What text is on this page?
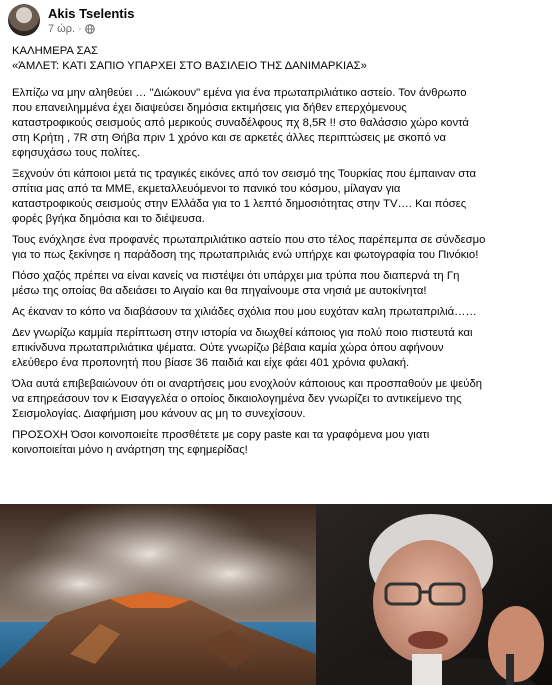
Akis Tselentis
7 ώρ. ·

ΚΑΛΗΜΕΡΑ ΣΑΣ

«ΆΜΛΕΤ: ΚΑΤΙ ΣΑΠΙΟ ΥΠΑΡΧΕΙ ΣΤΟ ΒΑΣΙΛΕΙΟ ΤΗΣ ΔΑΝΙΜΑΡΚΙΑΣ»

Ελπίζω να μην αληθεύει … "Διώκουν" εμένα για ένα πρωταπριλιάτικο αστείο. Τον άνθρωπο
που επανειλημμένα έχει διαψεύσει δημόσια εκτιμήσεις για δήθεν επερχόμενους
καταστροφικούς σεισμούς από μερικούς συναδέλφους πχ 8,5R !! στο θαλάσσιο χώρο κοντά
στη Κρήτη , 7R στη Θήβα πριν 1 χρόνο και σε αρκετές άλλες περιπτώσεις με σκοπό να
εφησυχάσω τους πολίτες.

Ξεχνούν ότι κάποιοι μετά τις τραγικές εικόνες από τον σεισμό της Τουρκίας που έμπαιναν στα
σπίτια μας από τα ΜΜΕ, εκμεταλλευόμενοι το πανικό του κόσμου, μίλαγαν για
καταστροφικούς σεισμούς στην Ελλάδα για το 1 λεπτό δημοσιότητας στην TV…. Και πόσες
φορές βγήκα δημόσια και το διέψευσα.

Τους ενόχλησε ένα προφανές πρωταπριλιάτικο αστείο που στο τέλος παρέπεμπα σε σύνδεσμο
για το πως ξεκίνησε η παράδοση της πρωταπριλιάς ενώ υπήρχε και φωτογραφία του Πινόκιο!

Πόσο χαζός πρέπει να είναι κανείς να πιστέψει ότι υπάρχει μια τρύπα που διαπερνά τη Γη
μέσω της οποίας θα αδειάσει το Αιγαίο και θα πηγαίνουμε στα νησιά με αυτοκίνητα!

Ας έκαναν το κόπο να διαβάσουν τα χιλιάδες σχόλια που μου ευχόταν καλη πρωταπριλιά……

Δεν γνωρίζω καμμία περίπτωση στην ιστορία να διωχθεί κάποιος για πολύ ποιο πιστευτά και
επικίνδυνα πρωταπριλιάτικα ψέματα. Ούτε γνωρίζω βέβαια καμία χώρα όπου αφήνουν
ελεύθερο ένα προπονητή που βίασε 36 παιδιά και είχε φάει 401 χρόνια φυλακή.

Όλα αυτά επιβεβαιώνουν ότι οι αναρτήσεις μου ενοχλούν κάποιους και προσπαθούν με ψεύδη
να επηρεάσουν τον κ Εισαγγελέα ο οποίος δικαιολογημένα δεν γνωρίζει το αντικείμενο της
Σεισμολογίας. Διαφήμιση μου κάνουν ας μη το συνεχίσουν.

ΠΡΟΣΟΧΗ Όσοι κοινοποιείτε προσθέτετε με copy paste και τα γραφόμενα μου γιατι
κοινοποιείται μόνο η ανάρτηση της εφημερίδας!
